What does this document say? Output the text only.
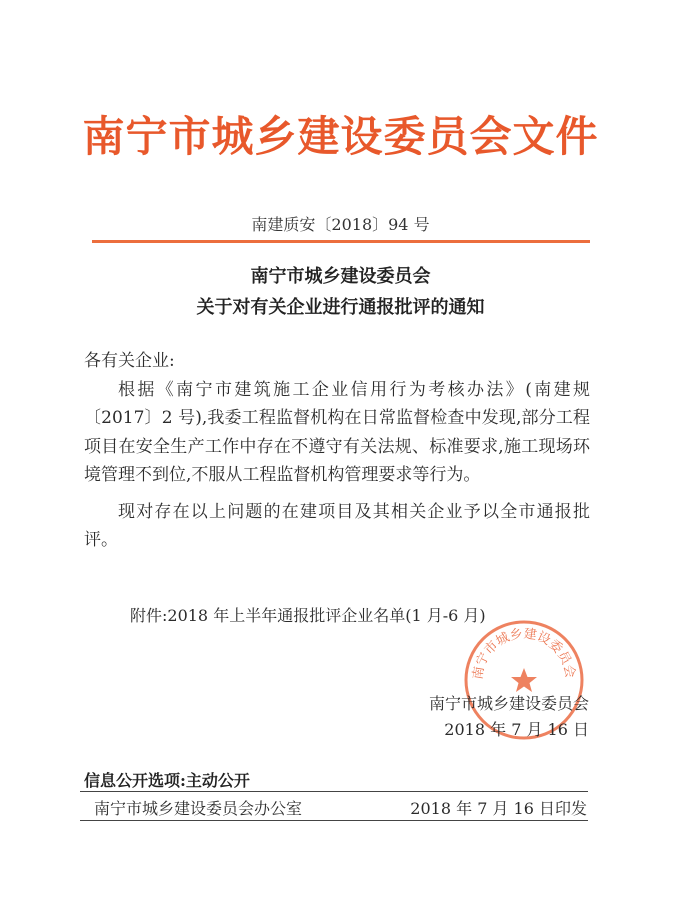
南宁市城乡建设委员会文件
南建质安〔2018〕94 号
南宁市城乡建设委员会
关于对有关企业进行通报批评的通知

各有关企业:

根据《南宁市建筑施工企业信用行为考核办法》(南建规〔2017〕2 号),我委工程监督机构在日常监督检查中发现,部分工程项目在安全生产工作中存在不遵守有关法规、标准要求,施工现场环境管理不到位,不服从工程监督机构管理要求等行为。

现对存在以上问题的在建项目及其相关企业予以全市通报批评。

附件:2018 年上半年通报批评企业名单(1 月-6 月)
南宁市城乡建设委员会
南宁市城乡建设委员会
2018 年 7 月 16 日
信息公开选项:主动公开
南宁市城乡建设委员会办公室	2018 年 7 月 16 日印发
